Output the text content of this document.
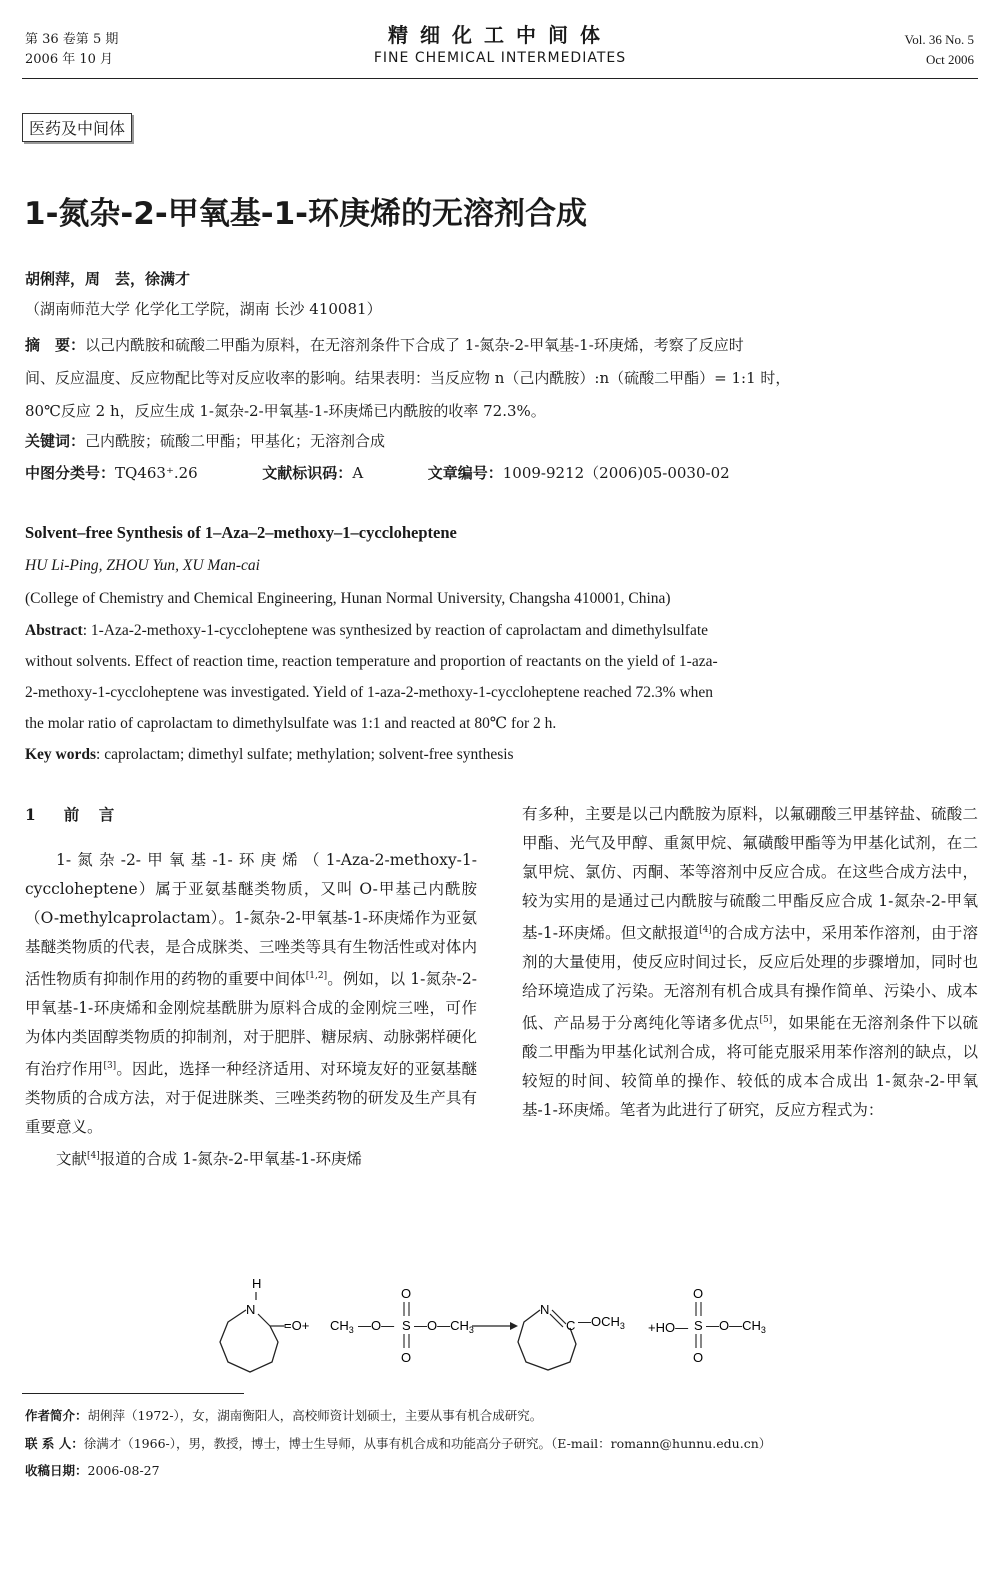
第 36 卷第 5 期
2006 年 10 月
精细化工中间体
FINE CHEMICAL INTERMEDIATES
Vol. 36 No. 5
Oct 2006
医药及中间体
1-氮杂-2-甲氧基-1-环庚烯的无溶剂合成
胡俐萍，周　芸，徐满才
（湖南师范大学 化学化工学院，湖南 长沙 410081）
摘　要：以己内酰胺和硫酸二甲酯为原料，在无溶剂条件下合成了 1-氮杂-2-甲氧基-1-环庚烯，考察了反应时
间、反应温度、反应物配比等对反应收率的影响。结果表明：当反应物 n（己内酰胺）:n（硫酸二甲酯）= 1:1 时，
80℃反应 2 h，反应生成 1-氮杂-2-甲氧基-1-环庚烯已内酰胺的收率 72.3%。
关键词：己内酰胺；硫酸二甲酯；甲基化；无溶剂合成
中图分类号：TQ463⁺.26	文献标识码：A	文章编号：1009-9212（2006)05-0030-02
Solvent–free Synthesis of 1–Aza–2–methoxy–1–cyccloheptene
HU Li-Ping, ZHOU Yun, XU Man-cai
(College of Chemistry and Chemical Engineering, Hunan Normal University, Changsha 410001, China)
Abstract: 1-Aza-2-methoxy-1-cyccloheptene was synthesized by reaction of caprolactam and dimethylsulfate
without solvents. Effect of reaction time, reaction temperature and proportion of reactants on the yield of 1-aza-
2-methoxy-1-cyccloheptene was investigated. Yield of 1-aza-2-methoxy-1-cyccloheptene reached 72.3% when
the molar ratio of caprolactam to dimethylsulfate was 1:1 and reacted at 80℃ for 2 h.
Key words: caprolactam; dimethyl sulfate; methylation; solvent-free synthesis
1 前　言

1-氮杂-2-甲氧基-1-环庚烯（1-Aza-2-methoxy-1-cyccloheptene）属于亚氨基醚类物质，又叫 O-甲基己内酰胺（O-methylcaprolactam）。1-氮杂-2-甲氧基-1-环庚烯作为亚氨基醚类物质的代表，是合成脒类、三唑类等具有生物活性或对体内活性物质有抑制作用的药物的重要中间体[1,2]。例如，以 1-氮杂-2-甲氧基-1-环庚烯和金刚烷基酰肼为原料合成的金刚烷三唑，可作为体内类固醇类物质的抑制剂，对于肥胖、糖尿病、动脉粥样硬化有治疗作用[3]。因此，选择一种经济适用、对环境友好的亚氨基醚类物质的合成方法，对于促进脒类、三唑类药物的研发及生产具有重要意义。

文献[4]报道的合成 1-氮杂-2-甲氧基-1-环庚烯

有多种，主要是以己内酰胺为原料，以氟硼酸三甲基锌盐、硫酸二甲酯、光气及甲醇、重氮甲烷、氟磺酸甲酯等为甲基化试剂，在二氯甲烷、氯仿、丙酮、苯等溶剂中反应合成。在这些合成方法中，较为实用的是通过己内酰胺与硫酸二甲酯反应合成 1-氮杂-2-甲氧基-1-环庚烯。但文献报道[4]的合成方法中，采用苯作溶剂，由于溶剂的大量使用，使反应时间过长，反应后处理的步骤增加，同时也给环境造成了污染。无溶剂有机合成具有操作简单、污染小、成本低、产品易于分离纯化等诸多优点[5]，如果能在无溶剂条件下以硫酸二甲酯为甲基化试剂合成，将可能克服采用苯作溶剂的缺点，以较短的时间、较简单的操作、较低的成本合成出 1-氮杂-2-甲氧基-1-环庚烯。笔者为此进行了研究，反应方程式为：

H
N
$=O+ CH_3$ —O— S
O
O
$—O—CH_3$
N
C $—OCH_3$ +HO— S
O
O
$—O—CH_3$
作者简介：胡俐萍（1972-），女，湖南衡阳人，高校师资计划硕士，主要从事有机合成研究。
联 系 人：徐满才（1966-），男，教授，博士，博士生导师，从事有机合成和功能高分子研究。（E-mail：romann@hunnu.edu.cn）
收稿日期：2006-08-27
